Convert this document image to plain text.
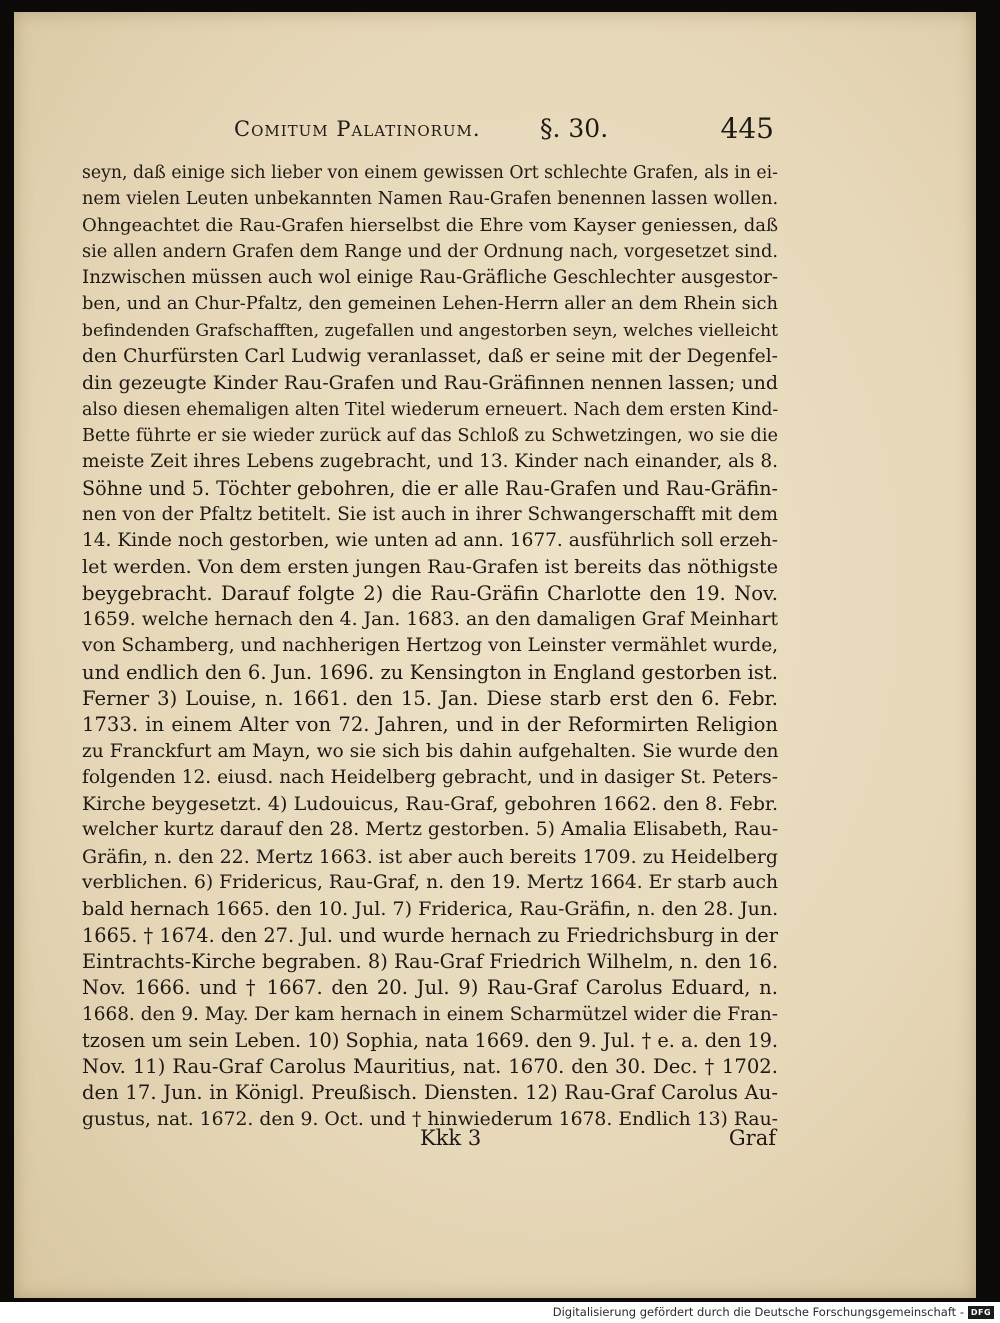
Comitum Palatinorum. §. 30.	445
seyn, daß einige sich lieber von einem gewissen Ort schlechte Grafen, als in ei-
nem vielen Leuten unbekannten Namen Rau-Grafen benennen lassen wollen.
Ohngeachtet die Rau-Grafen hierselbst die Ehre vom Kayser geniessen, daß
sie allen andern Grafen dem Range und der Ordnung nach, vorgesetzet sind.
Inzwischen müssen auch wol einige Rau-Gräfliche Geschlechter ausgestor-
ben, und an Chur-Pfaltz, den gemeinen Lehen-Herrn aller an dem Rhein sich
befindenden Grafschafften, zugefallen und angestorben seyn, welches vielleicht
den Churfürsten Carl Ludwig veranlasset, daß er seine mit der Degenfel-
din gezeugte Kinder Rau-Grafen und Rau-Gräfinnen nennen lassen; und
also diesen ehemaligen alten Titel wiederum erneuert. Nach dem ersten Kind-
Bette führte er sie wieder zurück auf das Schloß zu Schwetzingen, wo sie die
meiste Zeit ihres Lebens zugebracht, und 13. Kinder nach einander, als 8.
Söhne und 5. Töchter gebohren, die er alle Rau-Grafen und Rau-Gräfin-
nen von der Pfaltz betitelt. Sie ist auch in ihrer Schwangerschafft mit dem
14. Kinde noch gestorben, wie unten ad ann. 1677. ausführlich soll erzeh-
let werden. Von dem ersten jungen Rau-Grafen ist bereits das nöthigste
beygebracht. Darauf folgte 2) die Rau-Gräfin Charlotte den 19. Nov.
1659. welche hernach den 4. Jan. 1683. an den damaligen Graf Meinhart
von Schamberg, und nachherigen Hertzog von Leinster vermählet wurde,
und endlich den 6. Jun. 1696. zu Kensington in England gestorben ist.
Ferner 3) Louise, n. 1661. den 15. Jan. Diese starb erst den 6. Febr.
1733. in einem Alter von 72. Jahren, und in der Reformirten Religion
zu Franckfurt am Mayn, wo sie sich bis dahin aufgehalten. Sie wurde den
folgenden 12. eiusd. nach Heidelberg gebracht, und in dasiger St. Peters-
Kirche beygesetzt. 4) Ludouicus, Rau-Graf, gebohren 1662. den 8. Febr.
welcher kurtz darauf den 28. Mertz gestorben. 5) Amalia Elisabeth, Rau-
Gräfin, n. den 22. Mertz 1663. ist aber auch bereits 1709. zu Heidelberg
verblichen. 6) Fridericus, Rau-Graf, n. den 19. Mertz 1664. Er starb auch
bald hernach 1665. den 10. Jul. 7) Friderica, Rau-Gräfin, n. den 28. Jun.
1665. † 1674. den 27. Jul. und wurde hernach zu Friedrichsburg in der
Eintrachts-Kirche begraben. 8) Rau-Graf Friedrich Wilhelm, n. den 16.
Nov. 1666. und † 1667. den 20. Jul. 9) Rau-Graf Carolus Eduard, n.
1668. den 9. May. Der kam hernach in einem Scharmützel wider die Fran-
tzosen um sein Leben. 10) Sophia, nata 1669. den 9. Jul. † e. a. den 19.
Nov. 11) Rau-Graf Carolus Mauritius, nat. 1670. den 30. Dec. † 1702.
den 17. Jun. in Königl. Preußisch. Diensten. 12) Rau-Graf Carolus Au-
gustus, nat. 1672. den 9. Oct. und † hinwiederum 1678. Endlich 13) Rau-
Kkk 3	Graf
Digitalisierung gefördert durch die Deutsche Forschungsgemeinschaft - DFG
